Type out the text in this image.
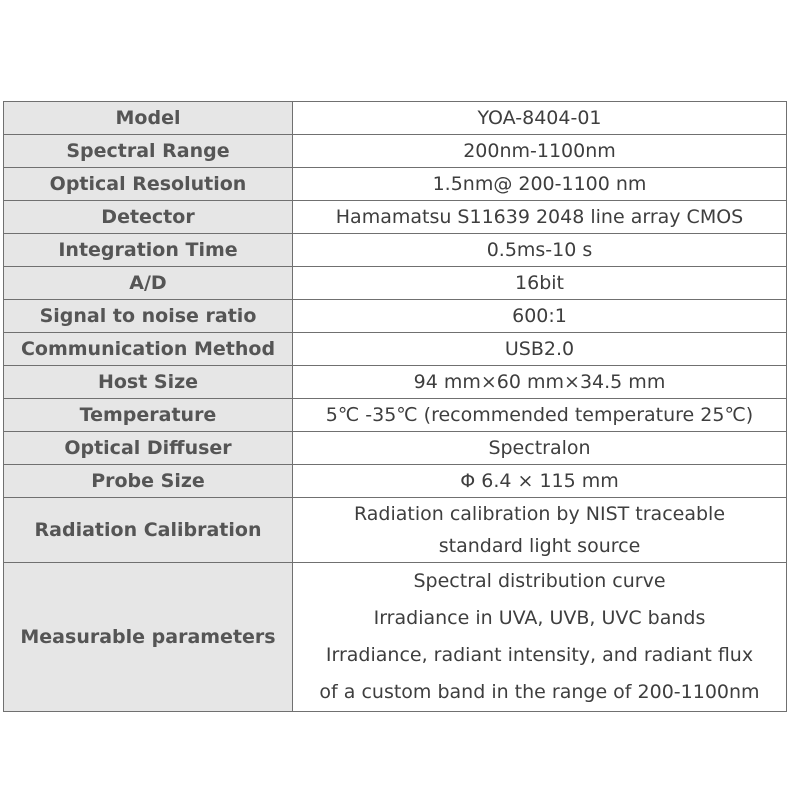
Model	YOA-8404-01

Spectral Range	200nm-1100nm

Optical Resolution	1.5nm@ 200-1100 nm

Detector	Hamamatsu S11639 2048 line array CMOS

Integration Time	0.5ms-10 s

A/D	16bit

Signal to noise ratio	600:1

Communication Method	USB2.0

Host Size	94 mm×60 mm×34.5 mm

Temperature	5℃ -35℃ (recommended temperature 25℃)

Optical Diffuser	Spectralon

Probe Size	Φ 6.4 × 115 mm

Radiation Calibration	Radiation calibration by NIST traceable
standard light source

Measurable parameters	Spectral distribution curve
Irradiance in UVA, UVB, UVC bands
Irradiance, radiant intensity, and radiant flux
of a custom band in the range of 200-1100nm
